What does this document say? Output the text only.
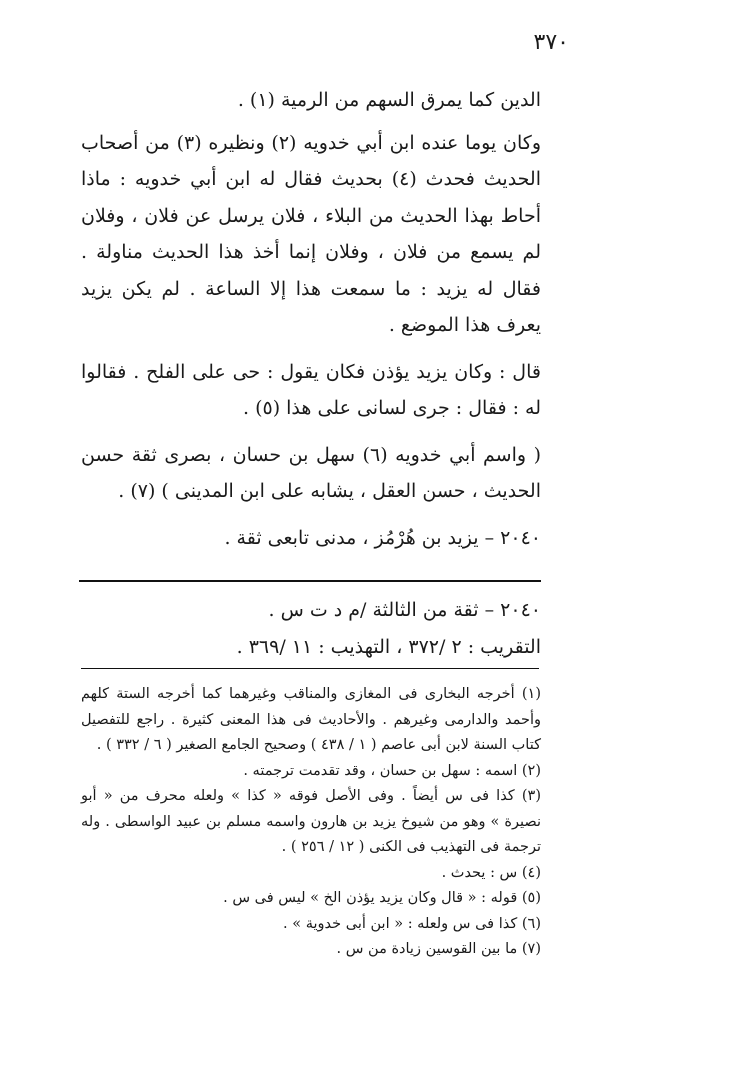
٣٧٠

الدين كما يمرق السهم من الرمية (١) .

وكان يوما عنده ابن أبي خدويه (٢) ونظيره (٣) من أصحاب الحديث فحدث (٤) بحديث فقال له ابن أبي خدويه : ماذا أحاط بهذا الحديث من البلاء ، فلان يرسل عن فلان ، وفلان لم يسمع من فلان ، وفلان إنما أخذ هذا الحديث مناولة . فقال له يزيد : ما سمعت هذا إلا الساعة . لم يكن يزيد يعرف هذا الموضع .

قال : وكان يزيد يؤذن فكان يقول : حى على الفلح . فقالوا له : فقال : جرى لسانى على هذا (٥) .

( واسم أبي خدويه (٦) سهل بن حسان ، بصرى ثقة حسن الحديث ، حسن العقل ، يشابه على ابن المدينى ) (٧) .

٢٠٤٠ – يزيد بن هُرْمُز ، مدنى تابعى ثقة .

٢٠٤٠ – ثقة من الثالثة /م د ت س .

التقريب : ٢ /٣٧٢ ، التهذيب : ١١ /٣٦٩ .

(١) أخرجه البخارى فى المغازى والمناقب وغيرهما كما أخرجه الستة كلهم وأحمد والدارمى وغيرهم . والأحاديث فى هذا المعنى كثيرة . راجع للتفصيل كتاب السنة لابن أبى عاصم ( ١ / ٤٣٨ ) وصحيح الجامع الصغير ( ٦ / ٣٣٢ ) .

(٢) اسمه : سهل بن حسان ، وقد تقدمت ترجمته .

(٣) كذا فى س أيضاً . وفى الأصل فوقه « كذا » ولعله محرف من « أبو نصيرة » وهو من شيوخ يزيد بن هارون واسمه مسلم بن عبيد الواسطى . وله ترجمة فى التهذيب فى الكنى ( ١٢ / ٢٥٦ ) .

(٤) س : يحدث .

(٥) قوله : « قال وكان يزيد يؤذن الخ » ليس فى س .

(٦) كذا فى س ولعله : « ابن أبى خدوية » .

(٧) ما بين القوسين زيادة من س .
